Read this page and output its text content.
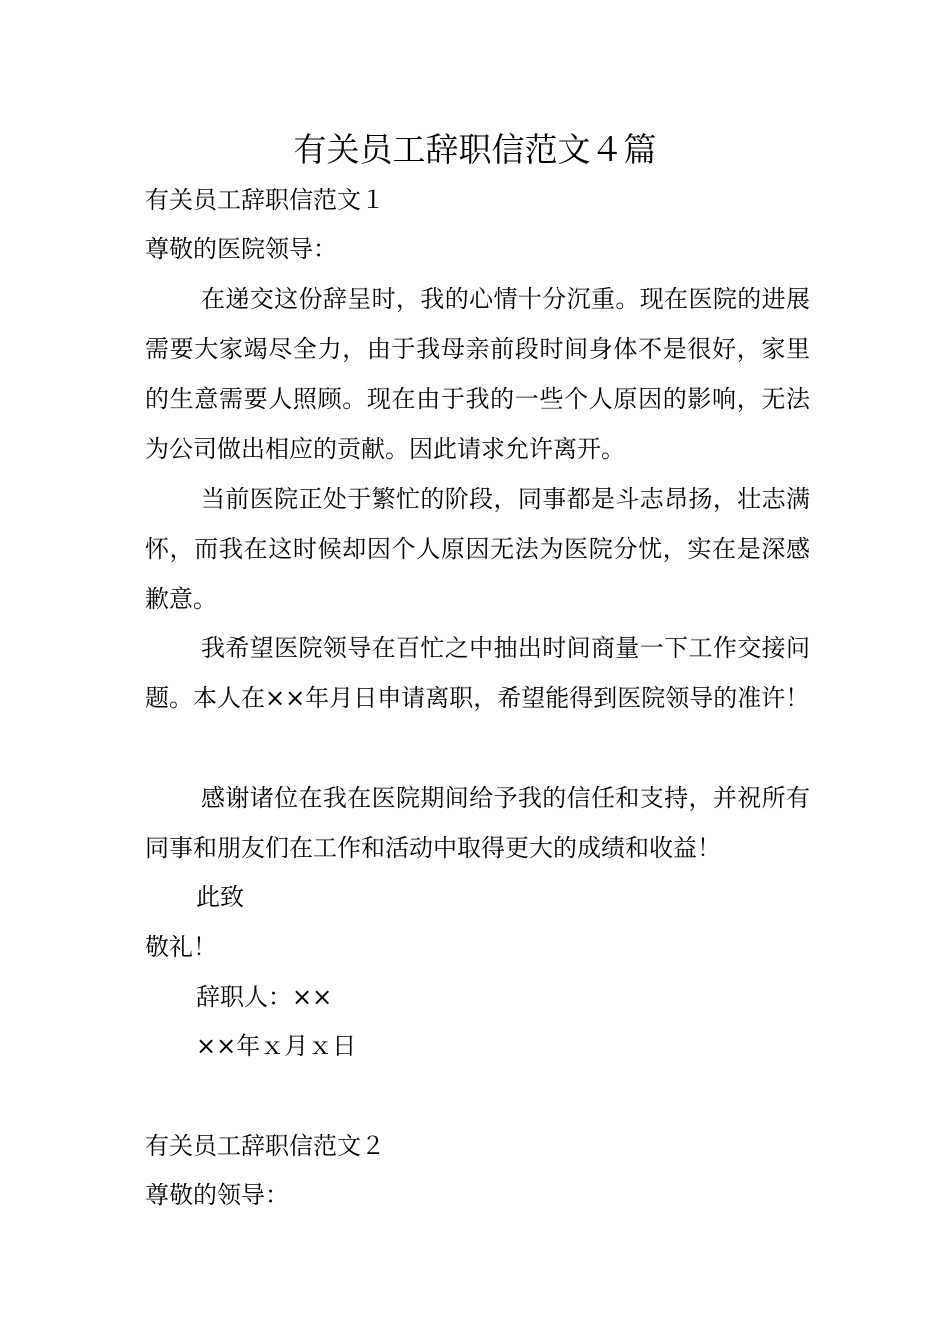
有关员工辞职信范文４篇
有关员工辞职信范文１
尊敬的医院领导：

在递交这份辞呈时，我的心情十分沉重。现在医院的进展需要大家竭尽全力，由于我母亲前段时间身体不是很好，家里的生意需要人照顾。现在由于我的一些个人原因的影响，无法为公司做出相应的贡献。因此请求允许离开。

当前医院正处于繁忙的阶段，同事都是斗志昂扬，壮志满怀，而我在这时候却因个人原因无法为医院分忧，实在是深感歉意。

我希望医院领导在百忙之中抽出时间商量一下工作交接问题。本人在××年月日申请离职，希望能得到医院领导的准许！

感谢诸位在我在医院期间给予我的信任和支持，并祝所有同事和朋友们在工作和活动中取得更大的成绩和收益！

此致
敬礼！
辞职人：××
××年ｘ月ｘ日
有关员工辞职信范文２
尊敬的领导：
